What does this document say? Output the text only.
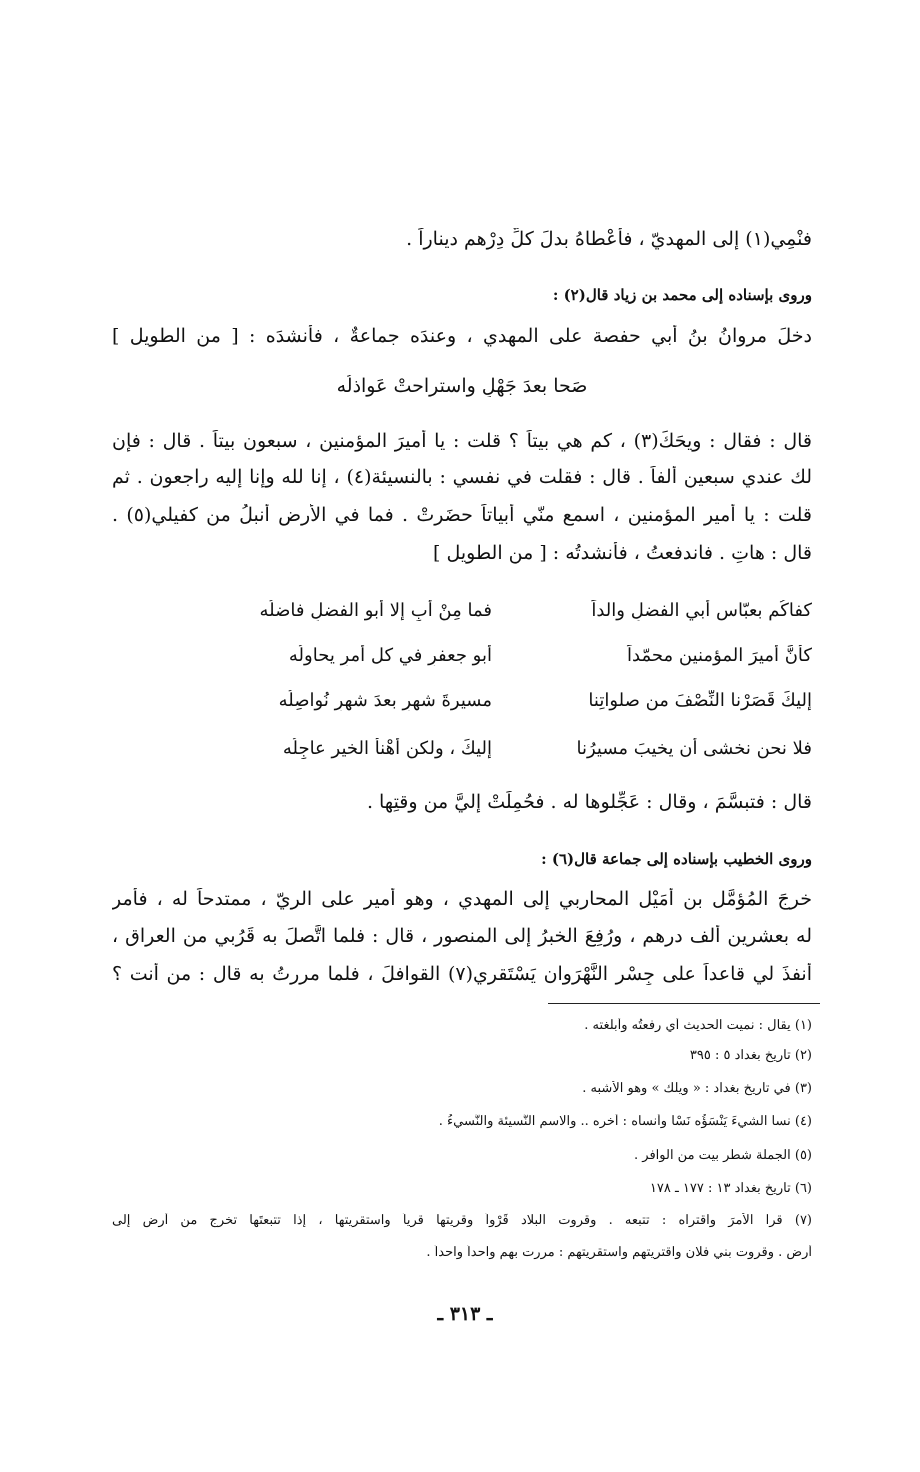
فنْمِي(١) إلى المهديّ ، فأعْطاهُ بدلَ كلِّ دِرْهمٍ ديناراً .
وروى بإسناده إلى محمد بن زياد قال(٢) :
دخلَ مروانُ بنُ أبي حفصة على المهدي ، وعندَه جماعةٌ ، فأنشدَه : [ من الطويل ]
صَحا بعدَ جَهْلٍ واستراحتْ عَواذلُه
قال : فقال : ويحَكَ(٣) ، كم هي بيتاً ؟ قلت : يا أميرَ المؤمنين ، سبعون بيتاً . قال : فإن
لك عندي سبعين ألفاً . قال : فقلت في نفسي : بالنسيئة(٤) ، إنا لله وإنا إليه راجعون . ثم
قلت : يا أمير المؤمنين ، اسمع منّي أبياتاً حضَرتْ . فما في الأرض أنبلُ من كفيلي(٥) .
قال : هاتِ . فاندفعتُ ، فأنشدتُه : [ من الطويل ]
كفاكُم بعبّاسٍ أبي الفضلِ والداً
فما مِنْ أبٍ إلا أبو الفضلِ فاضلُه
كأنَّ أميرَ المؤمنين محمّداً
أبو جعفرٍ في كل أمرٍ يحاولُه
إليكَ قَصَرْنا النِّصْفَ من صلواتِنا
مسيرةَ شهرٍ بعدَ شهرٍ نُواصِلُه
فلا نحن نخشى أن يخيبَ مسيرُنا
إليكَ ، ولكن أهْنأُ الخيرِ عاجِلُه
قال : فتبسَّمَ ، وقال : عَجِّلوها له . فحُمِلَتْ إليَّ من وقتِها .
وروى الخطيب بإسناده إلى جماعة قال(٦) :
خرجَ المُؤمَّل بن أُمَيْل المحاربي إلى المهدي ، وهو أمير على الريّ ، ممتدحاً له ، فأمر
له بعشرين ألف درهم ، ورُفِعَ الخبرُ إلى المنصور ، قال : فلما اتَّصلَ به قَرُبي من العراق ،
أنفذَ لي قاعداً على جِسْرِ النَّهْرَوان يَسْتَقري(٧) القوافلَ ، فلما مررتُ به قال : من أنت ؟
(١) يقال : نميت الحديث أي رفعتُه وأبلغته .
(٢) تاريخ بغداد ٥ : ٣٩٥
(٣) في تاريخ بغداد : « ويلك » وهو الأشبه .
(٤) نسأ الشيءَ يَنْسَؤُه نَسْأً وأنسأه : أخره .. والاسم النَّسيئة والنَّسيءُ .
(٥) الجملة شطر بيت من الوافر .
(٦) تاريخ بغداد ١٣ : ١٧٧ ـ ١٧٨
(٧) قرا الأمرَ واقتراه : تتبعه . وقروت البلاد قَرْواً وقريتها قرياً واستقريتها ، إذا تتبعتَها تخرج من أرض إلى
أرض . وقروت بني فلان واقتريتهم واستقريتهم : مررت بهم واحداً واحداً .
ـ ٣١٣ ـ
